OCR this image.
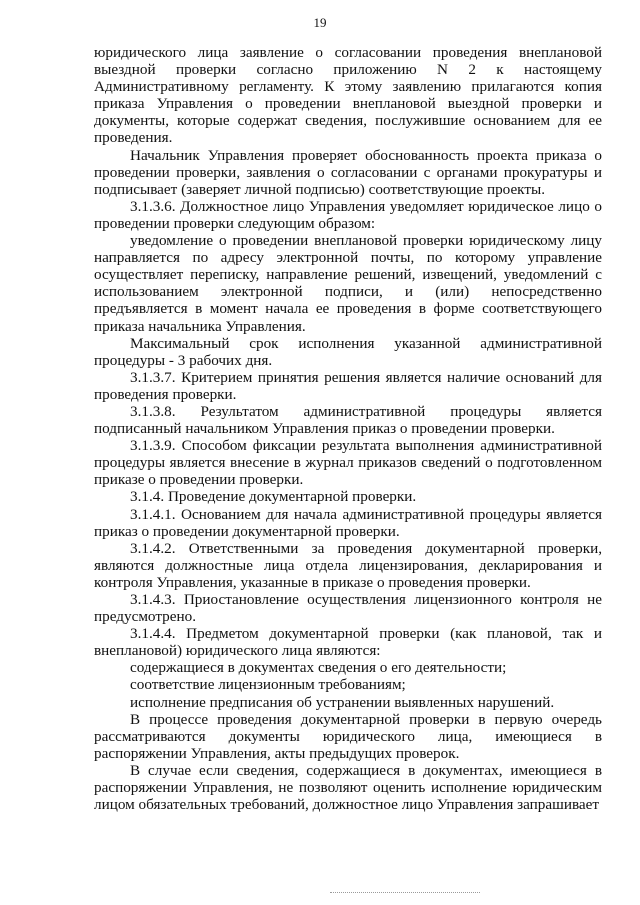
19

юридического лица заявление о согласовании проведения внеплановой выездной проверки согласно приложению N 2 к настоящему Административному регламенту. К этому заявлению прилагаются копия приказа Управления о проведении внеплановой выездной проверки и документы, которые содержат сведения, послужившие основанием для ее проведения.

Начальник Управления проверяет обоснованность проекта приказа о проведении проверки, заявления о согласовании с органами прокуратуры и подписывает (заверяет личной подписью) соответствующие проекты.

3.1.3.6. Должностное лицо Управления уведомляет юридическое лицо о проведении проверки следующим образом:

уведомление о проведении внеплановой проверки юридическому лицу направляется по адресу электронной почты, по которому управление осуществляет переписку, направление решений, извещений, уведомлений с использованием электронной подписи, и (или) непосредственно предъявляется в момент начала ее проведения в форме соответствующего приказа начальника Управления.

Максимальный срок исполнения указанной административной процедуры - 3 рабочих дня.

3.1.3.7. Критерием принятия решения является наличие оснований для проведения проверки.

3.1.3.8. Результатом административной процедуры является подписанный начальником Управления приказ о проведении проверки.

3.1.3.9. Способом фиксации результата выполнения административной процедуры является внесение в журнал приказов сведений о подготовленном приказе о проведении проверки.

3.1.4. Проведение документарной проверки.

3.1.4.1. Основанием для начала административной процедуры является приказ о проведении документарной проверки.

3.1.4.2. Ответственными за проведения документарной проверки, являются должностные лица отдела лицензирования, декларирования и контроля Управления, указанные в приказе о проведения проверки.

3.1.4.3. Приостановление осуществления лицензионного контроля не предусмотрено.

3.1.4.4. Предметом документарной проверки (как плановой, так и внеплановой) юридического лица являются:

содержащиеся в документах сведения о его деятельности;

соответствие лицензионным требованиям;

исполнение предписания об устранении выявленных нарушений.

В процессе проведения документарной проверки в первую очередь рассматриваются документы юридического лица, имеющиеся в распоряжении Управления, акты предыдущих проверок.

В случае если сведения, содержащиеся в документах, имеющиеся в распоряжении Управления, не позволяют оценить исполнение юридическим лицом обязательных требований, должностное лицо Управления запрашивает
